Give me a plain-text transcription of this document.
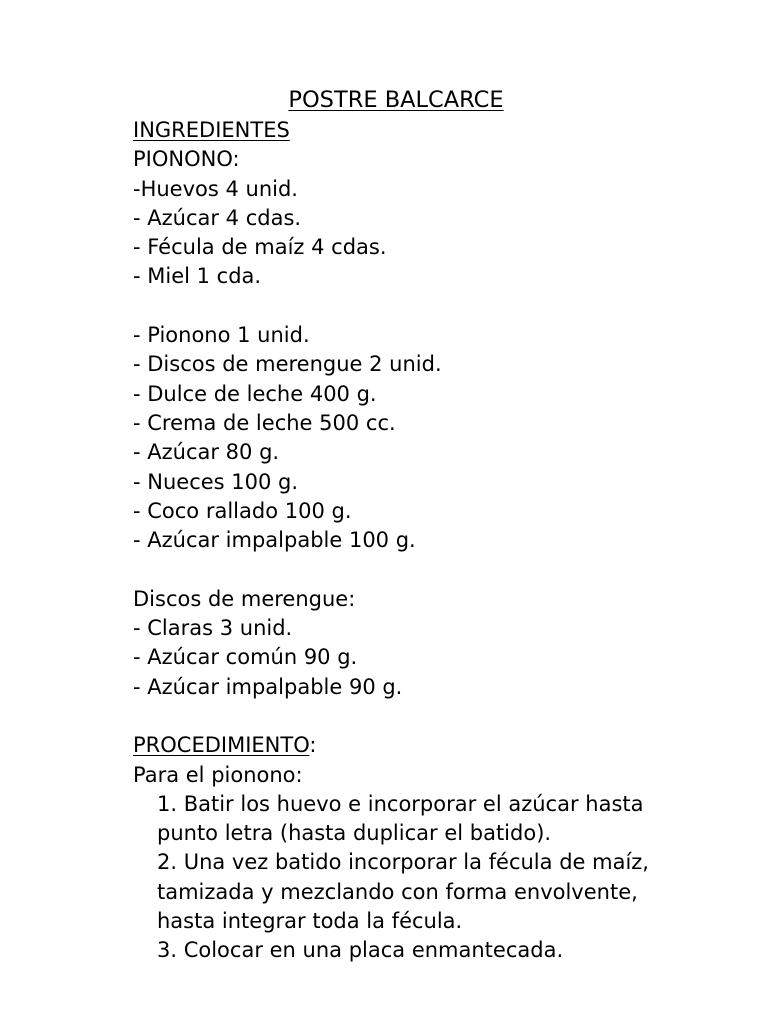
POSTRE BALCARCE
INGREDIENTES
PIONONO:
-Huevos 4 unid.
- Azúcar 4 cdas.
- Fécula de maíz 4 cdas.
- Miel 1 cda.
- Pionono 1 unid.
- Discos de merengue 2 unid.
- Dulce de leche 400 g.
- Crema de leche 500 cc.
- Azúcar 80 g.
- Nueces 100 g.
- Coco rallado 100 g.
- Azúcar impalpable 100 g.
Discos de merengue:
- Claras 3 unid.
- Azúcar común 90 g.
- Azúcar impalpable 90 g.
PROCEDIMIENTO:
Para el pionono:
1. Batir los huevo e incorporar el azúcar hasta punto letra (hasta duplicar el batido).
2. Una vez batido incorporar la fécula de maíz, tamizada y mezclando con forma envolvente, hasta integrar toda la fécula.
3. Colocar en una placa enmantecada.
